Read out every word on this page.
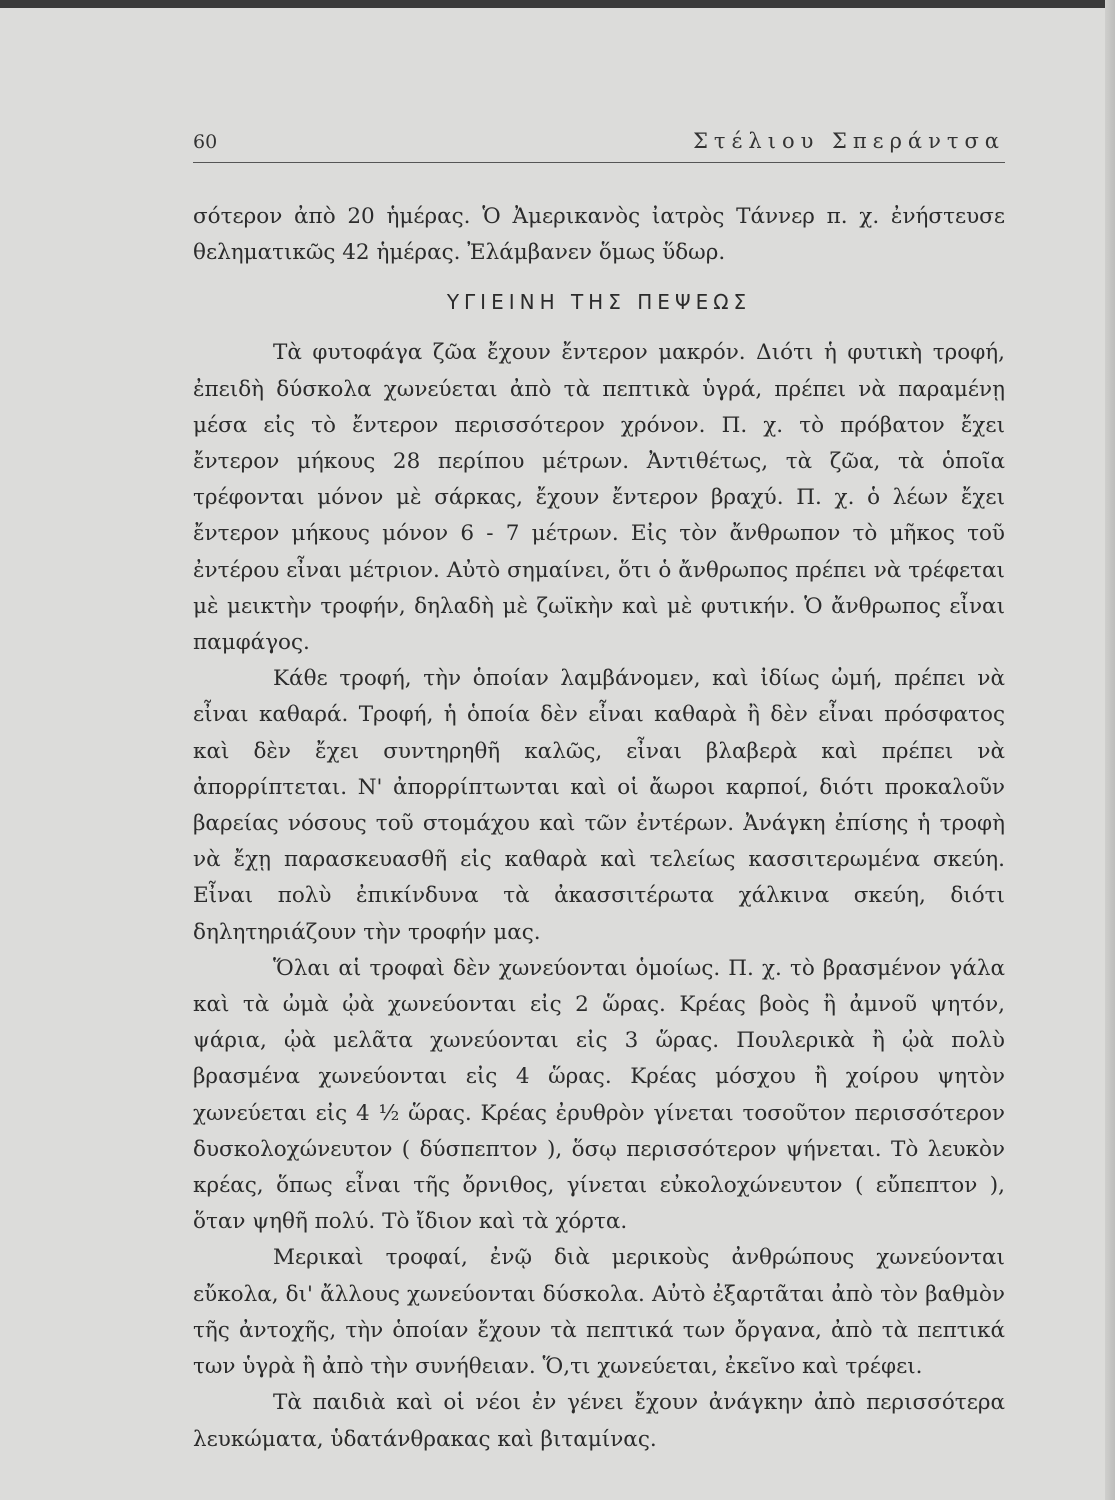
60	Στέλιου Σπεράντσα

σότερον ἀπὸ 20 ἡμέρας. Ὁ Ἀμερικανὸς ἰατρὸς Τάννερ π. χ. ἐνήστευσε θεληματικῶς 42 ἡμέρας. Ἐλάμβανεν ὅμως ὕδωρ.

ΥΓΙΕΙΝΗ ΤΗΣ ΠΕΨΕΩΣ

Τὰ φυτοφάγα ζῶα ἔχουν ἔντερον μακρόν. Διότι ἡ φυτικὴ τροφή, ἐπειδὴ δύσκολα χωνεύεται ἀπὸ τὰ πεπτικὰ ὑγρά, πρέπει νὰ παραμένῃ μέσα εἰς τὸ ἔντερον περισσότερον χρόνον. Π. χ. τὸ πρόβατον ἔχει ἔντερον μήκους 28 περίπου μέτρων. Ἀντιθέτως, τὰ ζῶα, τὰ ὁποῖα τρέφονται μόνον μὲ σάρκας, ἔχουν ἔντερον βραχύ. Π. χ. ὁ λέων ἔχει ἔντερον μήκους μόνον 6 - 7 μέτρων. Εἰς τὸν ἄνθρωπον τὸ μῆκος τοῦ ἐντέρου εἶναι μέτριον. Αὐτὸ σημαίνει, ὅτι ὁ ἄνθρωπος πρέπει νὰ τρέφεται μὲ μεικτὴν τροφήν, δηλαδὴ μὲ ζωϊκὴν καὶ μὲ φυτικήν. Ὁ ἄνθρωπος εἶναι παμφάγος.

Κάθε τροφή, τὴν ὁποίαν λαμβάνομεν, καὶ ἰδίως ὠμή, πρέπει νὰ εἶναι καθαρά. Τροφή, ἡ ὁποία δὲν εἶναι καθαρὰ ἢ δὲν εἶναι πρόσφατος καὶ δὲν ἔχει συντηρηθῆ καλῶς, εἶναι βλαβερὰ καὶ πρέπει νὰ ἀπορρίπτεται. Ν' ἀπορρίπτωνται καὶ οἱ ἄωροι καρποί, διότι προκαλοῦν βαρείας νόσους τοῦ στομάχου καὶ τῶν ἐντέρων. Ἀνάγκη ἐπίσης ἡ τροφὴ νὰ ἔχῃ παρασκευασθῆ εἰς καθαρὰ καὶ τελείως κασσιτερωμένα σκεύη. Εἶναι πολὺ ἐπικίνδυνα τὰ ἀκασσιτέρωτα χάλκινα σκεύη, διότι δηλητηριάζουν τὴν τροφήν μας.

Ὅλαι αἱ τροφαὶ δὲν χωνεύονται ὁμοίως. Π. χ. τὸ βρασμένον γάλα καὶ τὰ ὠμὰ ᾠὰ χωνεύονται εἰς 2 ὥρας. Κρέας βοὸς ἢ ἀμνοῦ ψητόν, ψάρια, ᾠὰ μελᾶτα χωνεύονται εἰς 3 ὥρας. Πουλερικὰ ἢ ᾠὰ πολὺ βρασμένα χωνεύονται εἰς 4 ὥρας. Κρέας μόσχου ἢ χοίρου ψητὸν χωνεύεται εἰς 4 ½ ὥρας. Κρέας ἐρυθρὸν γίνεται τοσοῦτον περισσότερον δυσκολοχώνευτον ( δύσπεπτον ), ὅσῳ περισσότερον ψήνεται. Τὸ λευκὸν κρέας, ὅπως εἶναι τῆς ὄρνιθος, γίνεται εὐκολοχώνευτον ( εὔπεπτον ), ὅταν ψηθῆ πολύ. Τὸ ἴδιον καὶ τὰ χόρτα.

Μερικαὶ τροφαί, ἐνῷ διὰ μερικοὺς ἀνθρώπους χωνεύονται εὔκολα, δι' ἄλλους χωνεύονται δύσκολα. Αὐτὸ ἐξαρτᾶται ἀπὸ τὸν βαθμὸν τῆς ἀντοχῆς, τὴν ὁποίαν ἔχουν τὰ πεπτικά των ὄργανα, ἀπὸ τὰ πεπτικά των ὑγρὰ ἢ ἀπὸ τὴν συνήθειαν. Ὅ,τι χωνεύεται, ἐκεῖνο καὶ τρέφει.

Τὰ παιδιὰ καὶ οἱ νέοι ἐν γένει ἔχουν ἀνάγκην ἀπὸ περισσότερα λευκώματα, ὑδατάνθρακας καὶ βιταμίνας.
